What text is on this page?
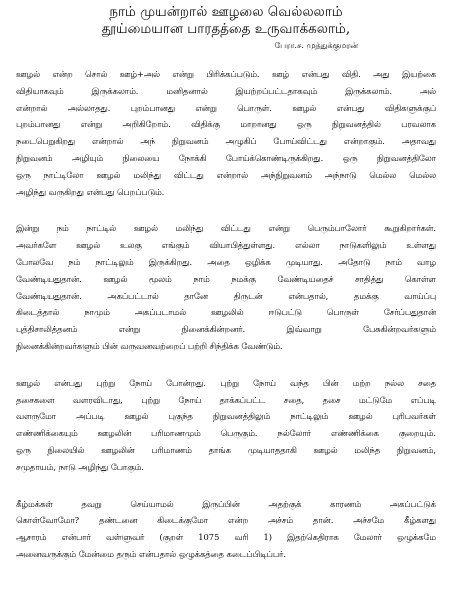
நாம் முயன்றால் ஊழலை வெல்லலாம்
தூய்மையான பாரதத்தை உருவாக்கலாம்,
பேரா.ச. முத்துக்குமரன்
ஊழல் என்ற சொல் ஊழ்+அல் என்று பிரிக்கப்படும். ஊழ் என்பது விதி. அது இயற்கை
விதியாகவும் இருக்கலாம். மனிதனால் இயற்றப்பட்டதாகவும் இருக்கலாம். அல்
என்றால் அல்லாதது. புறம்பானது என்று பொருள். ஊழல் என்பது விதிகளுக்குப்
புறம்பானது என்று அறிகிறோம். விதிக்கு மாறானது ஒரு நிறுவனத்தில் பரவலாக
நடைபெறுகிறது என்றால் அந் நிறுவனம் அழுகிப் போய்விட்டது என்றாகும். அதாவது
நிறுவனம் அழியும் நிலையை நோக்கி போய்க்கொண்டிருக்கிறது. ஒரு நிறுவனத்திலோ
ஒரு நாட்டிலோ ஊழல் மலிந்து விட்டது என்றால் அந்நிறுவனம் அந்நாடு மெல்ல மெல்ல
அழிந்து வருகிறது என்பது பெறப்படும்.
இன்று நம் நாட்டில் ஊழல் மலிந்து விட்டது என்று பெரும்பாலோர் கூறுகிறார்கள்.
அவர்களே ஊழல் உலகு எங்கும் வியாபித்துள்ளது. எல்லா நாடுகளிலும் உள்ளது
போலவே நம் நாட்டிலும் இருக்கிறது. அதை ஒழிக்க முடியாது. அதோடு நாம் வாழ
வேண்டியதுதான். ஊழல் மூலம் நாம் நமக்கு வேண்டியதைச் சாதித்து கொள்ள
வேண்டியதுதான். அகப்பட்டால் தானே திருடன் என்பதால், தமக்கு வாய்ப்பு
கிடைத்தால் நாமும் அகப்படாமல் ஊழலில் ஈடுபட்டு பொருள் சேர்ப்பதுதான்
புத்திசாலித்தனம் என்று நினைக்கின்றனர். இவ்வாறு பேசுகின்றவர்களும்
நினைக்கின்றவர்களும் பின் வருவனவற்றைப் பற்றி சிந்திக்க வேண்டும்.
ஊழல் என்பது புற்று நோய் போன்றது. புற்று நோய் வந்த பின் மற்ற நல்ல சதை
தசைகளை வளரவிடாது, புற்று நோய் தாக்கப்பட்ட சதை, தசை மட்டுமே எப்படி
வளருமோ அப்படி ஊழல் புகுந்த நிறுவனத்திலும் நாட்டிலும் ஊழல் புரிபவர்கள்
எண்ணிக்கையும் ஊழலின் பரிமாணமும் பெருகும். நல்லோர் எண்ணிக்கை குறையும்.
ஒரு நிலையில் ஊழலின் பரிமாணம் தாங்க முடியாததாகி ஊழல் மலிந்த நிறுவனம்,
சமுதாயம், நாடு அழிந்து போகும்.
கீழ்மக்கள் தவறு செய்யாமல் இருப்பின் அதற்குக் காரணம் அகப்பட்டுக்
கொள்வோமோ? தண்டனை கிடைக்குமோ என்ற அச்சம் தான். அச்சமே கீழ்களது
ஆசாரம் என்பார் வள்ளுவர் (குறள் 1075 வரி 1) இதற்கெதிராக மேலார் ஒழுக்கமே
அனைவருக்கும் மேன்மை தரும் என்பதால் ஒழுக்கத்தை கடைப்பிடிப்பர்.
